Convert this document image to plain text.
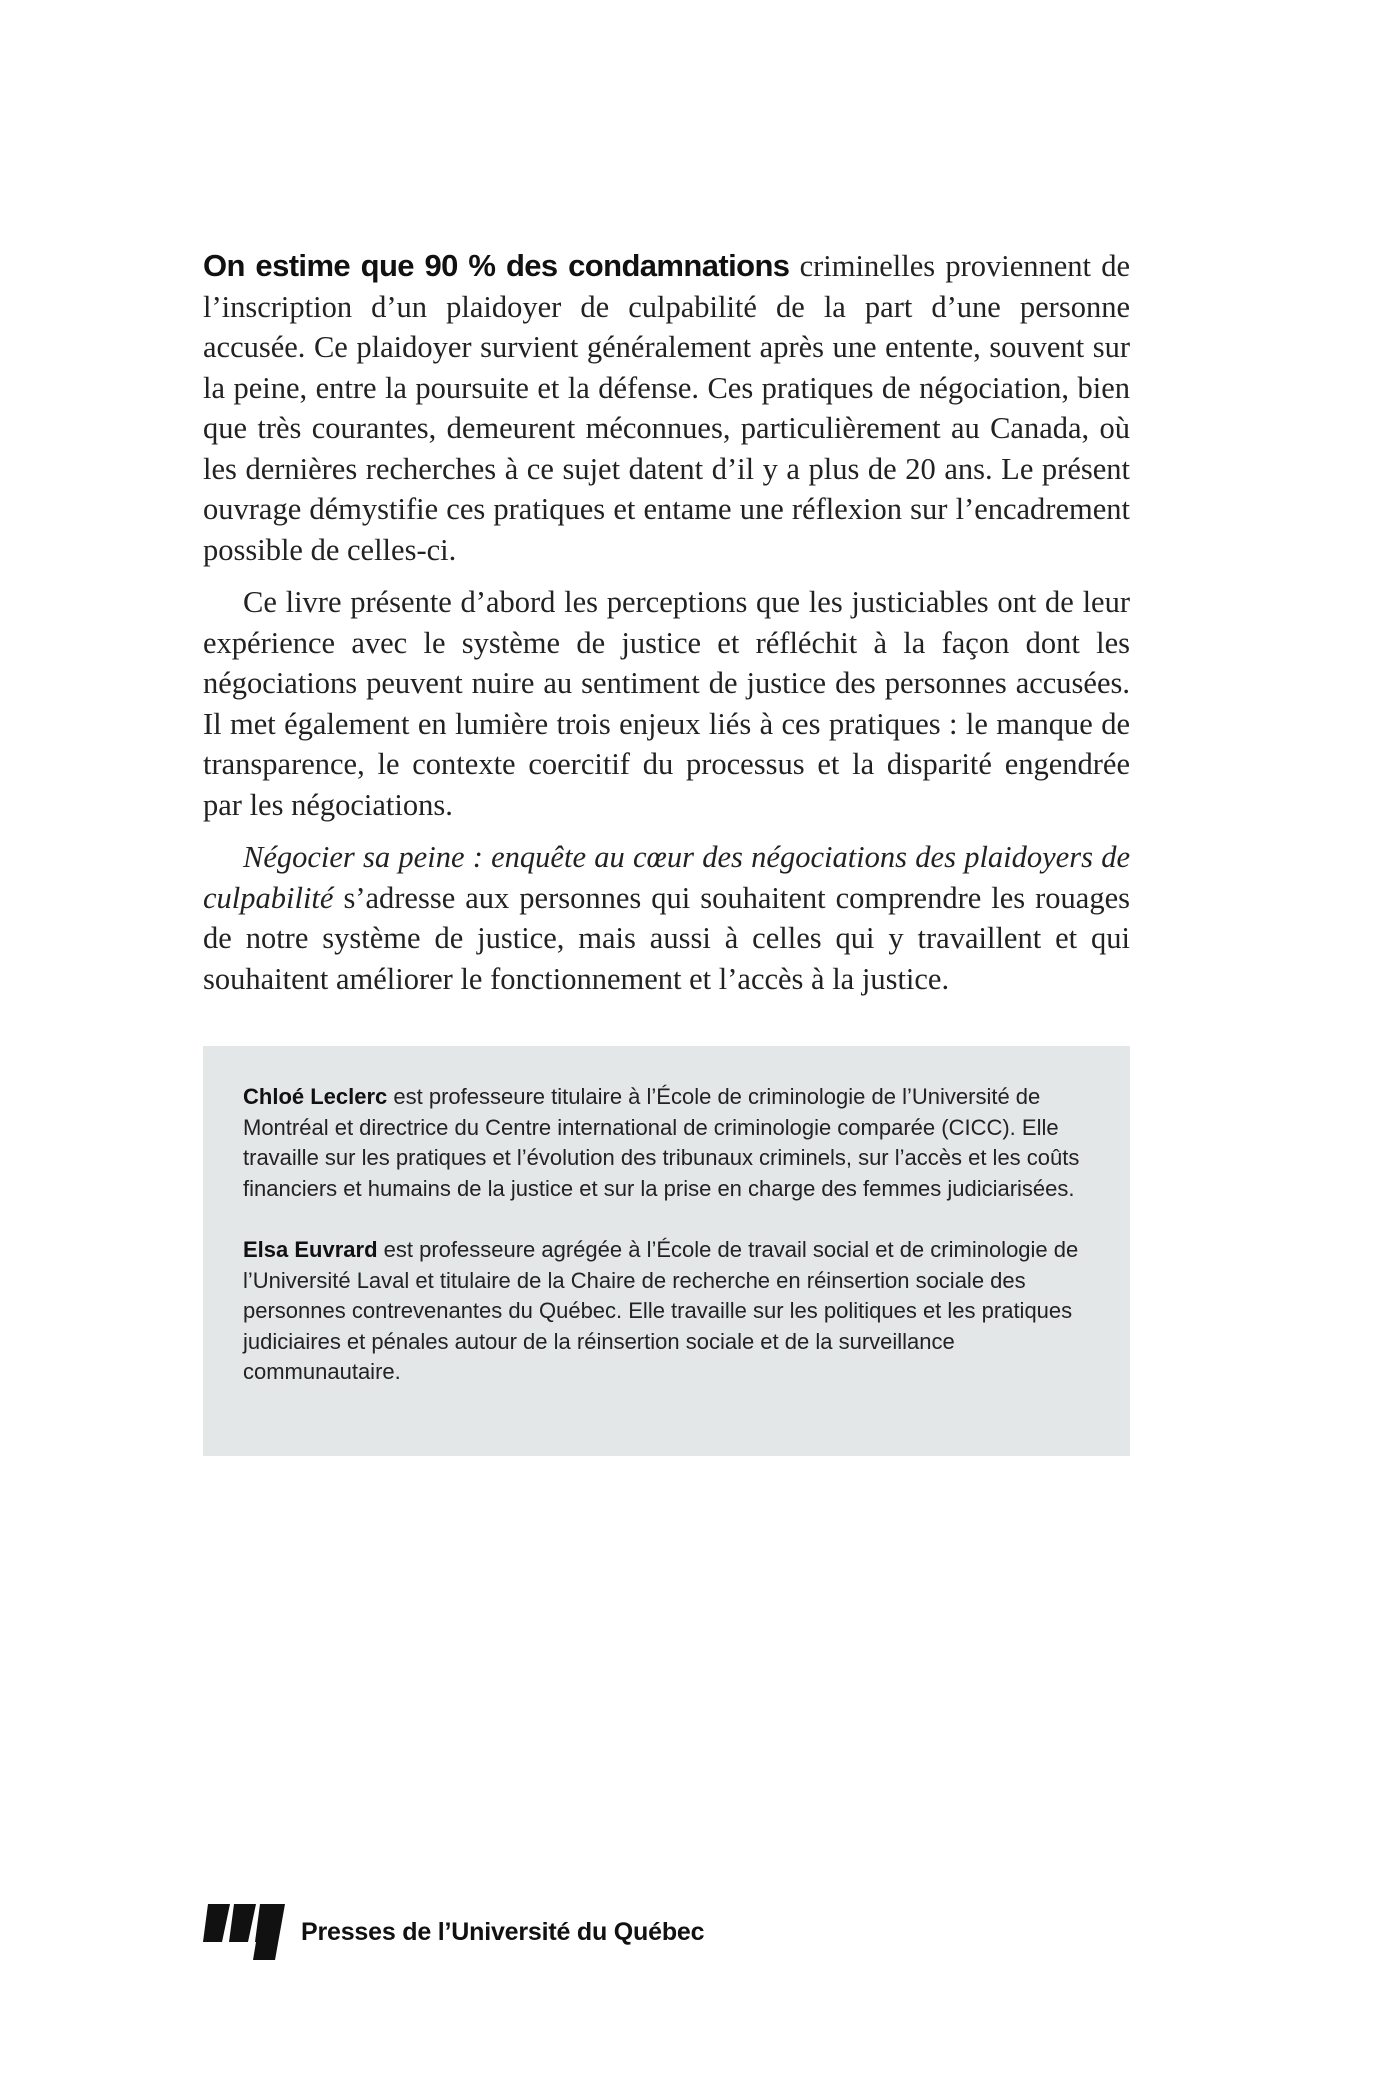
On estime que 90 % des condamnations criminelles proviennent de l’inscription d’un plaidoyer de culpabilité de la part d’une personne accusée. Ce plaidoyer survient généralement après une entente, souvent sur la peine, entre la poursuite et la défense. Ces pratiques de négociation, bien que très courantes, demeurent méconnues, particulièrement au Canada, où les dernières recherches à ce sujet datent d’il y a plus de 20 ans. Le présent ouvrage démystifie ces pratiques et entame une réflexion sur l’encadrement possible de celles-ci.

Ce livre présente d’abord les perceptions que les justiciables ont de leur expérience avec le système de justice et réfléchit à la façon dont les négociations peuvent nuire au sentiment de justice des personnes accusées. Il met également en lumière trois enjeux liés à ces pratiques : le manque de transparence, le contexte coercitif du processus et la disparité engendrée par les négociations.

Négocier sa peine : enquête au cœur des négociations des plaidoyers de culpabilité s’adresse aux personnes qui souhaitent comprendre les rouages de notre système de justice, mais aussi à celles qui y travaillent et qui souhaitent améliorer le fonctionnement et l’accès à la justice.

Chloé Leclerc est professeure titulaire à l’École de criminologie de l’Université de Montréal et directrice du Centre international de criminologie comparée (CICC). Elle travaille sur les pratiques et l’évolution des tribunaux criminels, sur l’accès et les coûts financiers et humains de la justice et sur la prise en charge des femmes judiciarisées.

Elsa Euvrard est professeure agrégée à l’École de travail social et de criminologie de l’Université Laval et titulaire de la Chaire de recherche en réinsertion sociale des personnes contrevenantes du Québec. Elle travaille sur les politiques et les pratiques judiciaires et pénales autour de la réinsertion sociale et de la surveillance communautaire.

Presses de l’Université du Québec
